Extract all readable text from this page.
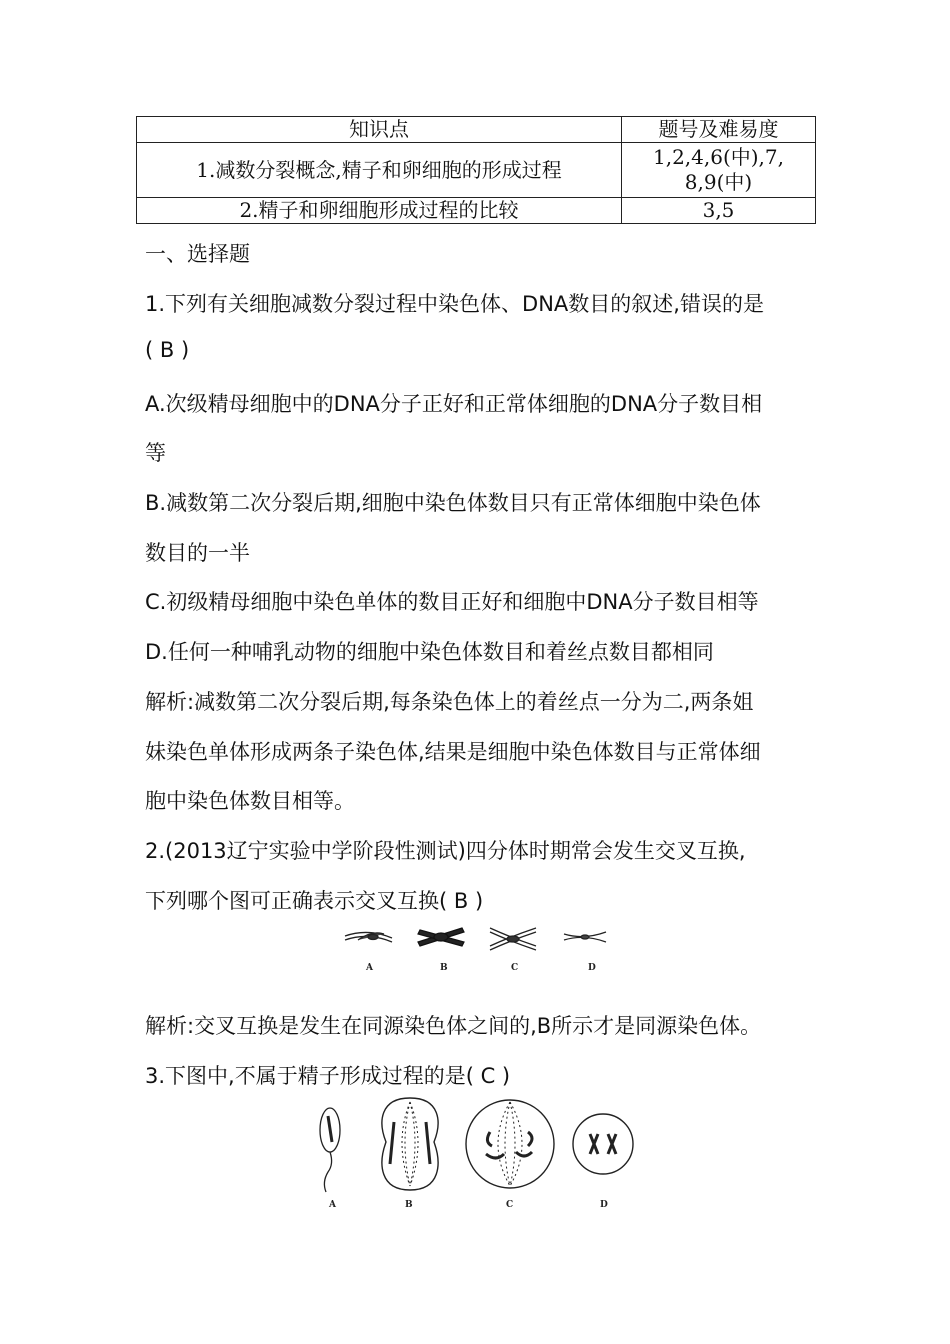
知识点	题号及难易度
1.减数分裂概念,精子和卵细胞的形成过程	1,2,4,6(中),7,
8,9(中)

2.精子和卵细胞形成过程的比较	3,5
一、选择题
1.下列有关细胞减数分裂过程中染色体、DNA数目的叙述,错误的是
( B )
A.次级精母细胞中的DNA分子正好和正常体细胞的DNA分子数目相
等
B.减数第二次分裂后期,细胞中染色体数目只有正常体细胞中染色体
数目的一半
C.初级精母细胞中染色单体的数目正好和细胞中DNA分子数目相等
D.任何一种哺乳动物的细胞中染色体数目和着丝点数目都相同
解析:减数第二次分裂后期,每条染色体上的着丝点一分为二,两条姐
妹染色单体形成两条子染色体,结果是细胞中染色体数目与正常体细
胞中染色体数目相等。
2.(2013辽宁实验中学阶段性测试)四分体时期常会发生交叉互换,
下列哪个图可正确表示交叉互换( B )
A	B	C	D
解析:交叉互换是发生在同源染色体之间的,B所示才是同源染色体。
3.下图中,不属于精子形成过程的是( C )
A	B	C	D
